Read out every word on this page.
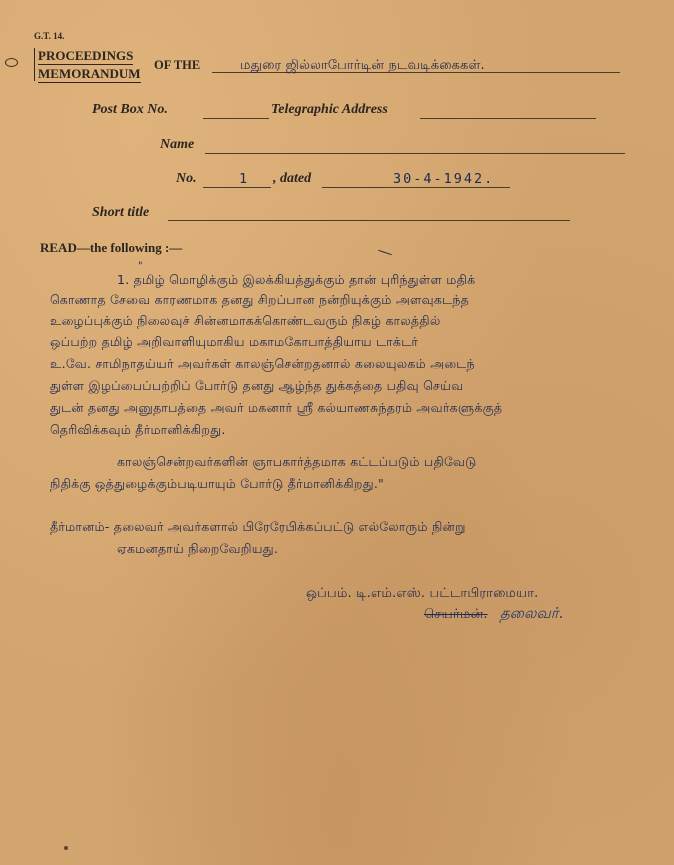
G.T. 14.
PROCEEDINGS
MEMORANDUM
OF THE	மதுரை ஜில்லாபோர்டின் நடவடிக்கைகள்.
Post Box No.	Telegraphic Address
Name
No.	1 , dated	30-4-1942.
Short title
READ—the following :—
"
1. தமிழ் மொழிக்கும் இலக்கியத்துக்கும் தான் புரிந்துள்ள மதிக்
கொணாத சேவை காரணமாக தனது சிறப்பான நன்றியுக்கும் அளவுகடந்த
உழைப்புக்கும் நிலைவுச் சின்னமாகக்கொண்டவரும் நிகழ் காலத்தில்
ஒப்பற்ற தமிழ் அறிவாளியுமாகிய மகாமகோபாத்தியாய டாக்டர்
உ.வே. சாமிநாதய்யர் அவர்கள் காலஞ்சென்றதனால் கலையுலகம் அடைந்
துள்ள இழப்பைப்பற்றிப் போர்டு தனது ஆழ்ந்த துக்கத்தை பதிவு செய்வ
துடன் தனது அனுதாபத்தை அவர் மகனார் ஸ்ரீ கல்யாணசுந்தரம் அவர்களுக்குத்
தெரிவிக்கவும் தீர்மானிக்கிறது.
காலஞ்சென்றவர்களின் ஞாபகார்த்தமாக கட்டப்படும் பதிவேடு
நிதிக்கு ஒத்துழைக்கும்படியாயும் போர்டு தீர்மானிக்கிறது."
தீர்மானம்- தலைவர் அவர்களால் பிரேரேபிக்கப்பட்டு எல்லோரும் நின்று
ஏகமனதாய் நிறைவேறியது.
ஒப்பம். டி.எம்.எஸ். பட்டாபிராமையா.
செயர்மன். தலைவர்.
